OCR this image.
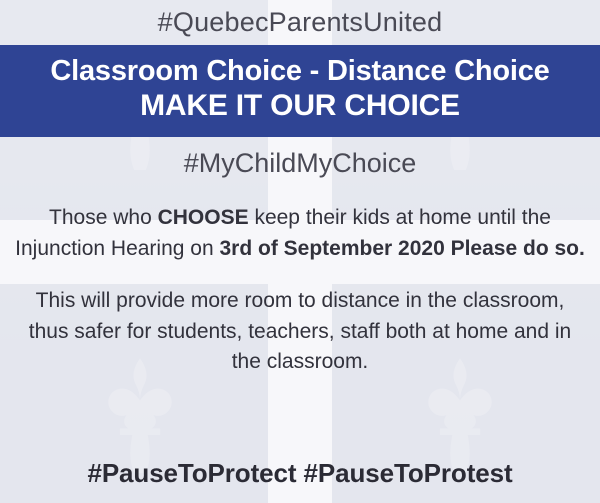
#QuebecParentsUnited
Classroom Choice - Distance Choice
MAKE IT OUR CHOICE
#MyChildMyChoice

Those who CHOOSE keep their kids at home until the Injunction Hearing on 3rd of September 2020 Please do so.

This will provide more room to distance in the classroom, thus safer for students, teachers, staff both at home and in the classroom.

#PauseToProtect #PauseToProtest
